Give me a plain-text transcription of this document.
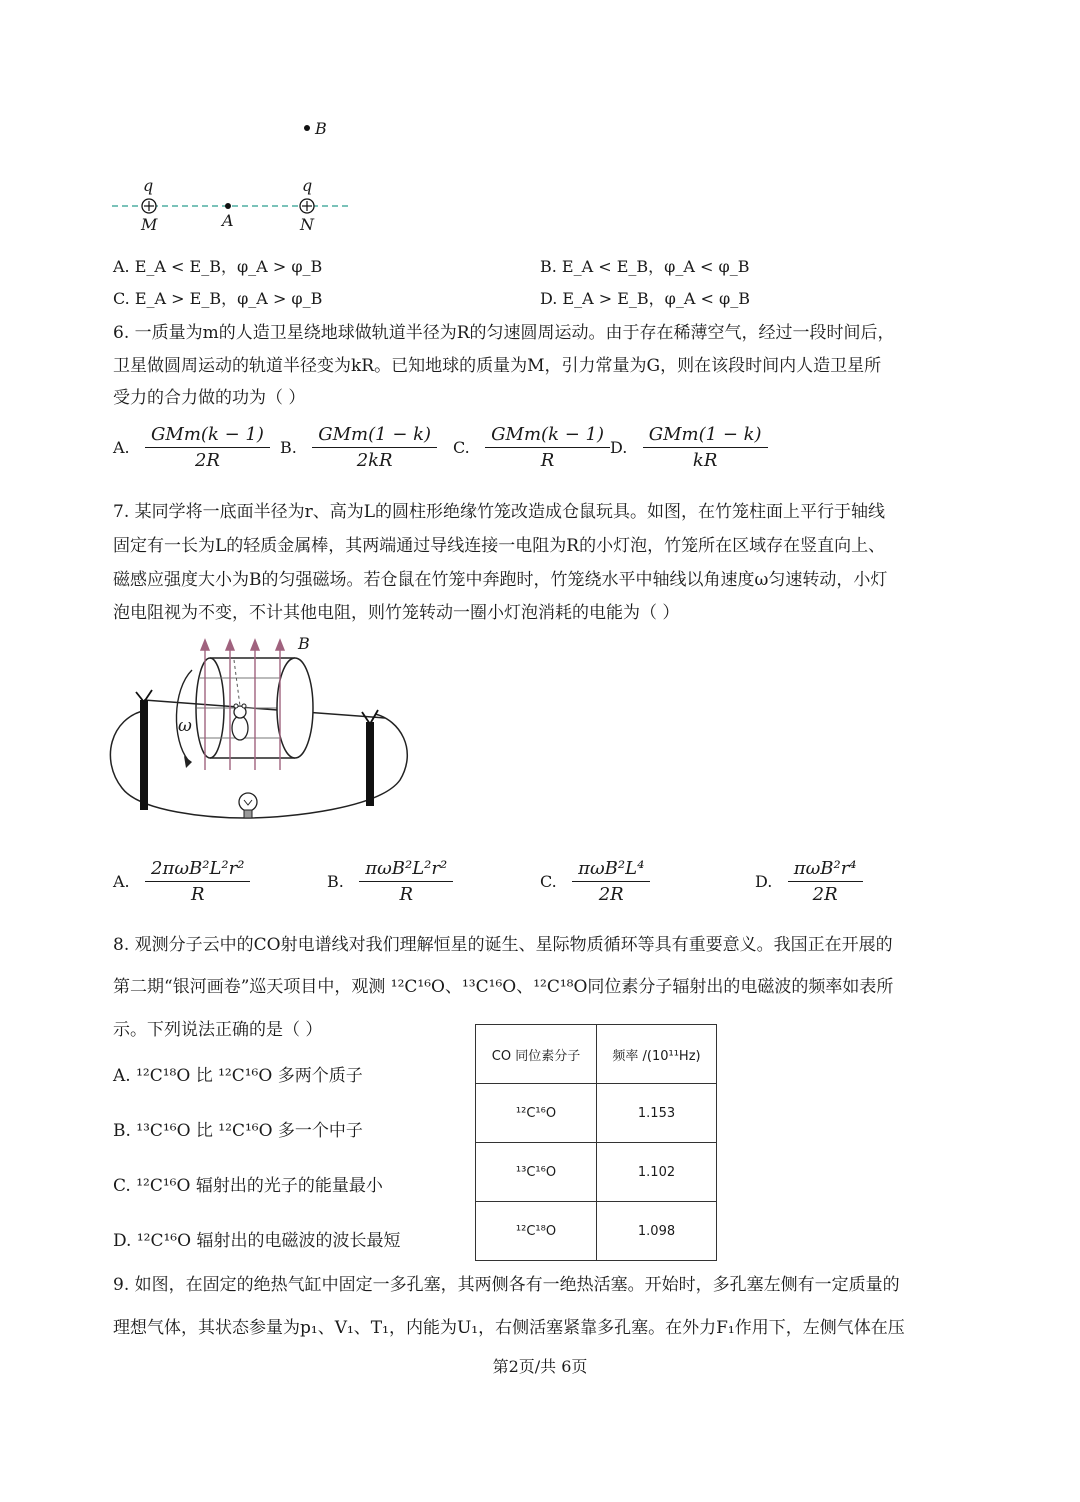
B
q	q
M	A	N
A. E_A < E_B，φ_A > φ_B	B. E_A < E_B，φ_A < φ_B
C. E_A > E_B，φ_A > φ_B	D. E_A > E_B，φ_A < φ_B
6. 一质量为m的人造卫星绕地球做轨道半径为R的匀速圆周运动。由于存在稀薄空气，经过一段时间后，
卫星做圆周运动的轨道半径变为kR。已知地球的质量为M，引力常量为G，则在该段时间内人造卫星所
受力的合力做的功为（ ）
A. $\frac{\text{GMm(k − 1)}}{2R} B$. $\frac{\text{GMm(1 − k)}}{2kR} C$. $\frac{\text{GMm(k − 1)}}{R} D$. $\frac{\text{GMm(1 − k)}}{kR}$
7. 某同学将一底面半径为r、高为L的圆柱形绝缘竹笼改造成仓鼠玩具。如图，在竹笼柱面上平行于轴线
固定有一长为L的轻质金属棒，其两端通过导线连接一电阻为R的小灯泡，竹笼所在区域存在竖直向上、
磁感应强度大小为B的匀强磁场。若仓鼠在竹笼中奔跑时，竹笼绕水平中轴线以角速度ω匀速转动，小灯
泡电阻视为不变，不计其他电阻，则竹笼转动一圈小灯泡消耗的电能为（ ）
B
ω
A. $\frac{\text{2πωB²L²r²}}{R}$	B. $\frac{\text{πωB²L²r²}}{R}$	C. $\frac{\text{πωB²L⁴}}{2R}$	D. $\frac{\text{πωB²r⁴}}{2R}$
8. 观测分子云中的CO射电谱线对我们理解恒星的诞生、星际物质循环等具有重要意义。我国正在开展的
第二期“银河画卷”巡天项目中，观测 ¹²C¹⁶O、¹³C¹⁶O、¹²C¹⁸O同位素分子辐射出的电磁波的频率如表所
示。下列说法正确的是（ ）
A. ¹²C¹⁸O 比 ¹²C¹⁶O 多两个质子
B. ¹³C¹⁶O 比 ¹²C¹⁶O 多一个中子
C. ¹²C¹⁶O 辐射出的光子的能量最小
D. ¹²C¹⁶O 辐射出的电磁波的波长最短
CO 同位素分子	频率 /(10¹¹Hz)
¹²C¹⁶O	1.153
¹³C¹⁶O	1.102
¹²C¹⁸O	1.098
9. 如图，在固定的绝热气缸中固定一多孔塞，其两侧各有一绝热活塞。开始时，多孔塞左侧有一定质量的
理想气体，其状态参量为p₁、V₁、T₁，内能为U₁，右侧活塞紧靠多孔塞。在外力F₁作用下，左侧气体在压
第2页/共 6页
